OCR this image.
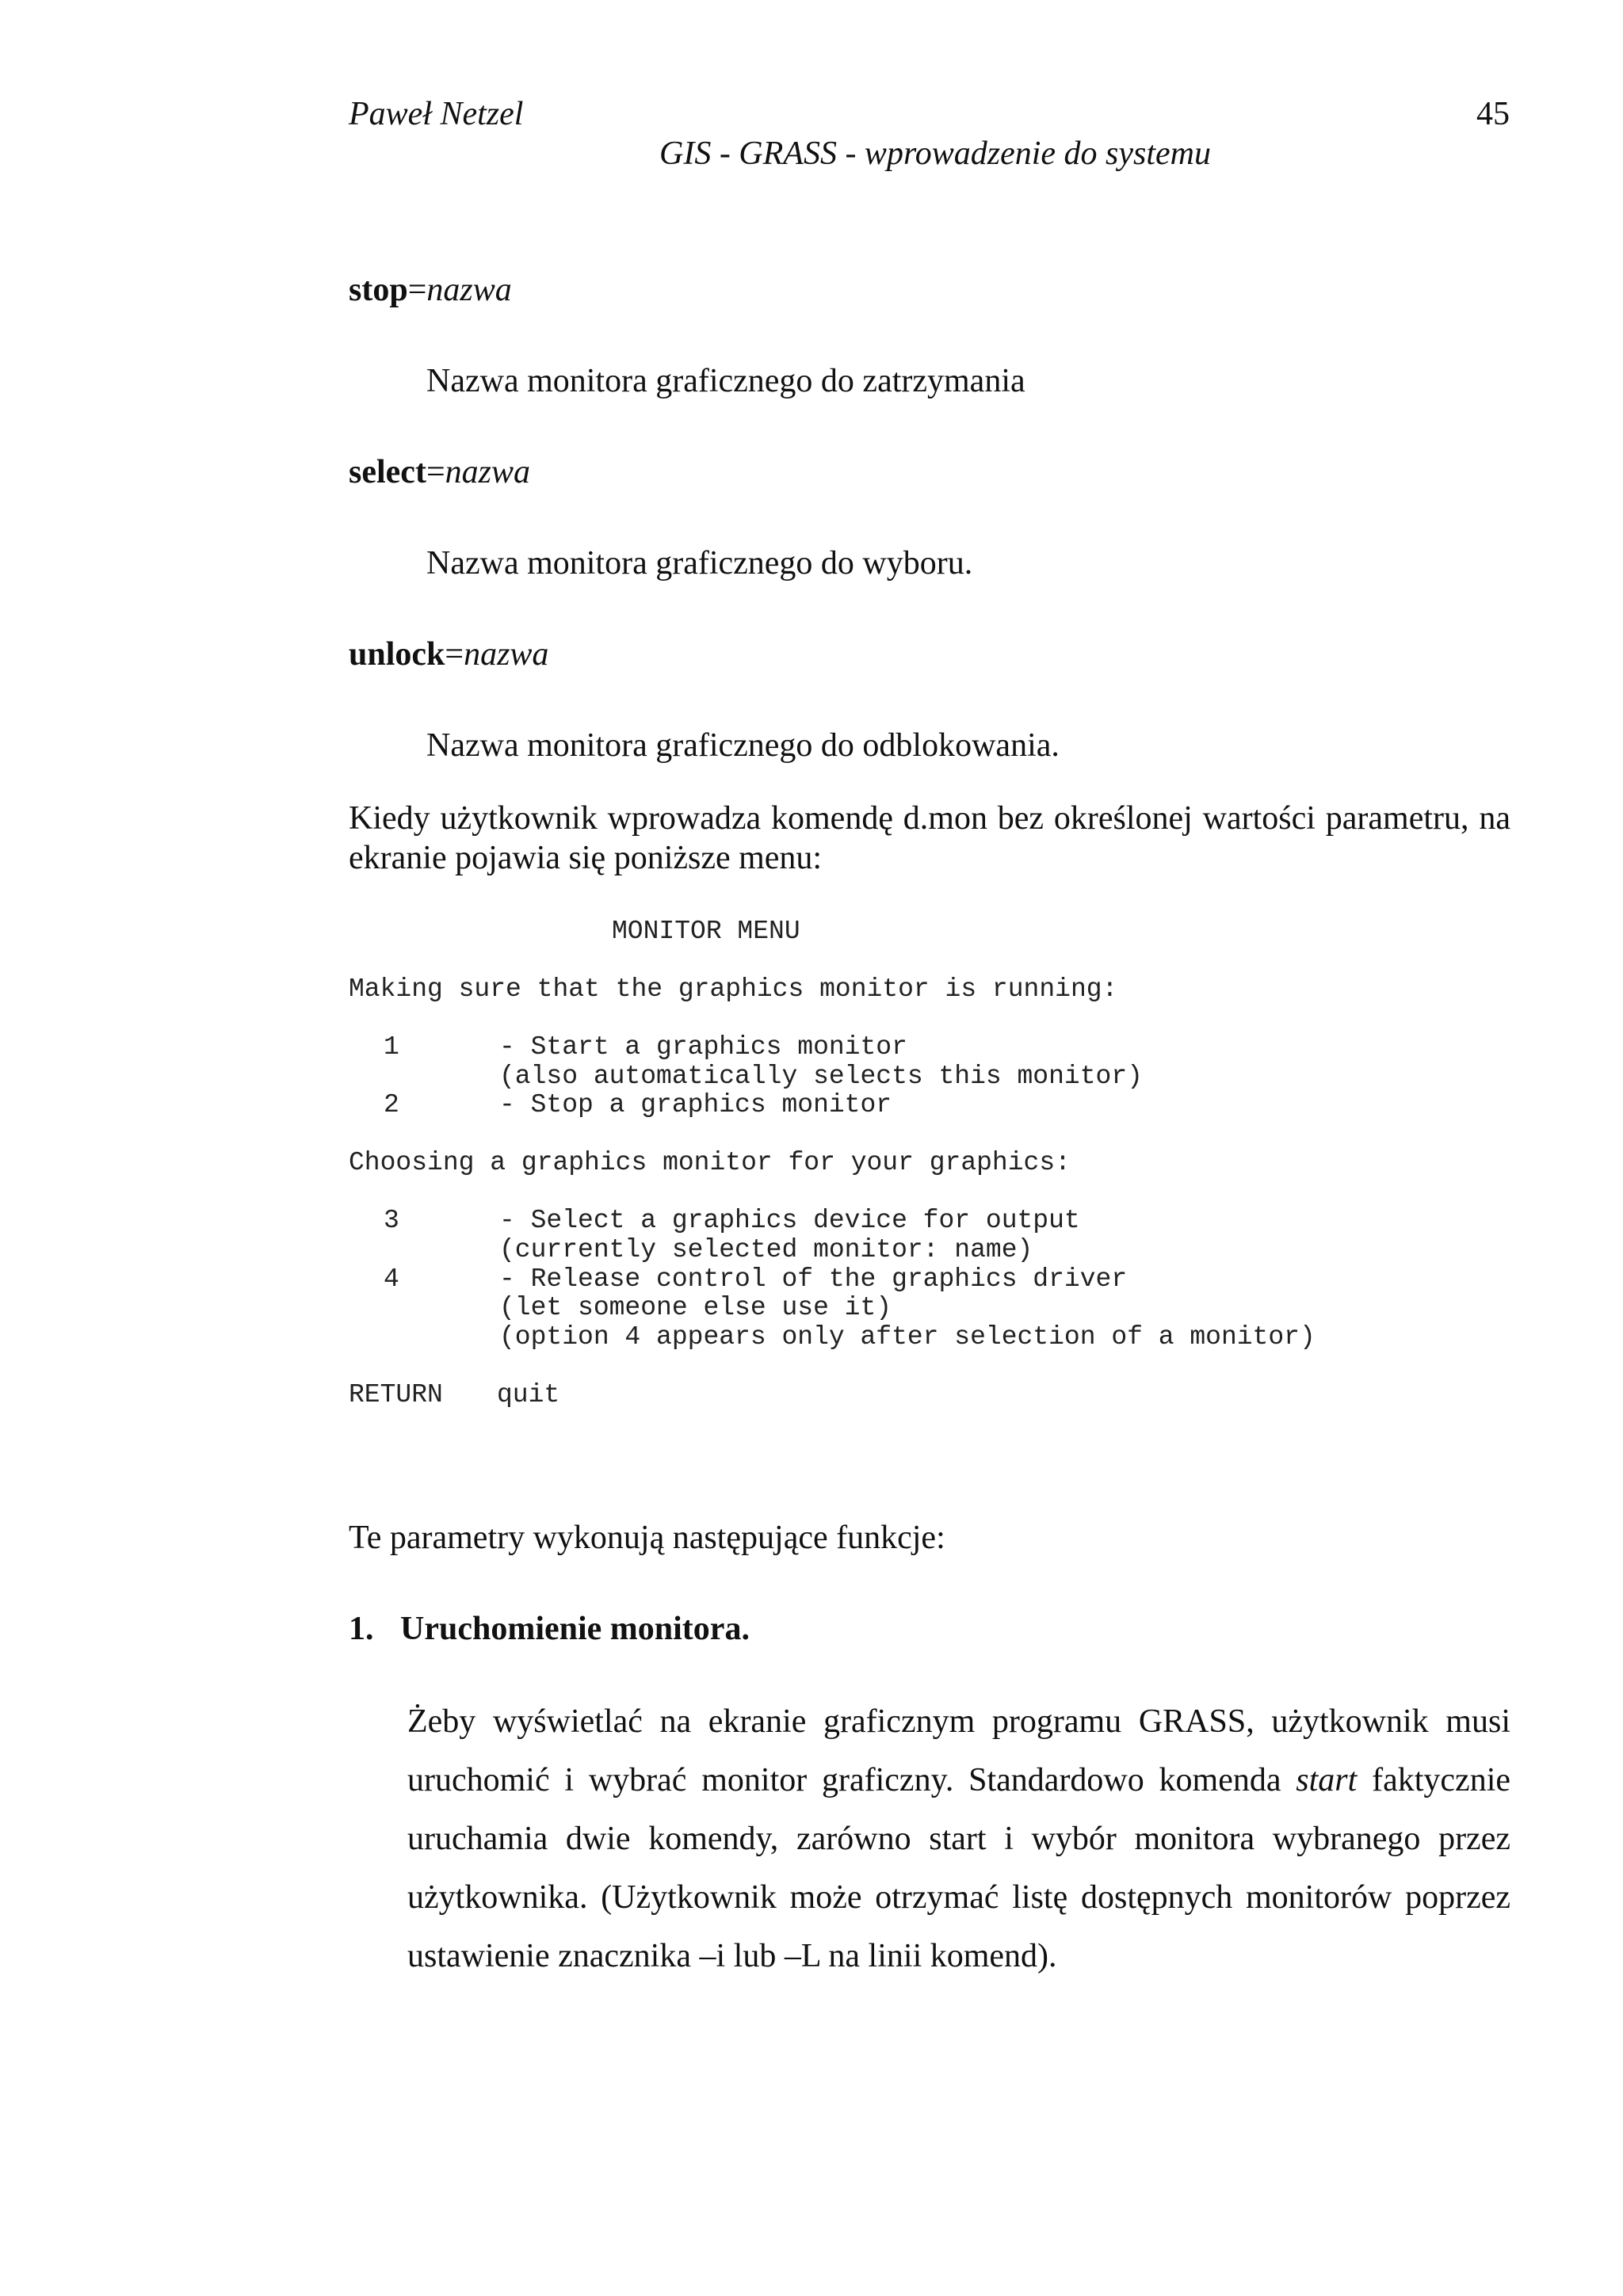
Paweł Netzel	45
GIS - GRASS - wprowadzenie do systemu
stop=nazwa
Nazwa monitora graficznego do zatrzymania
select=nazwa
Nazwa monitora graficznego do wyboru.
unlock=nazwa
Nazwa monitora graficznego do odblokowania.
Kiedy użytkownik wprowadza komendę d.mon bez określonej wartości parametru, na ekranie pojawia się poniższe menu:
MONITOR MENU
Making sure that the graphics monitor is running:
1	- Start a graphics monitor
(also automatically selects this monitor)
2	- Stop a graphics monitor
Choosing a graphics monitor for your graphics:
3	- Select a graphics device for output
(currently selected monitor: name)
4	- Release control of the graphics driver
(let someone else use it)
(option 4 appears only after selection of a monitor)
RETURN quit
Te parametry wykonują następujące funkcje:
1. Uruchomienie monitora.
Żeby wyświetlać na ekranie graficznym programu GRASS, użytkownik musi
uruchomić i wybrać monitor graficzny. Standardowo komenda start faktycznie
uruchamia dwie komendy, zarówno start i wybór monitora wybranego przez
użytkownika. (Użytkownik może otrzymać listę dostępnych monitorów poprzez
ustawienie znacznika –i lub –L na linii komend).
